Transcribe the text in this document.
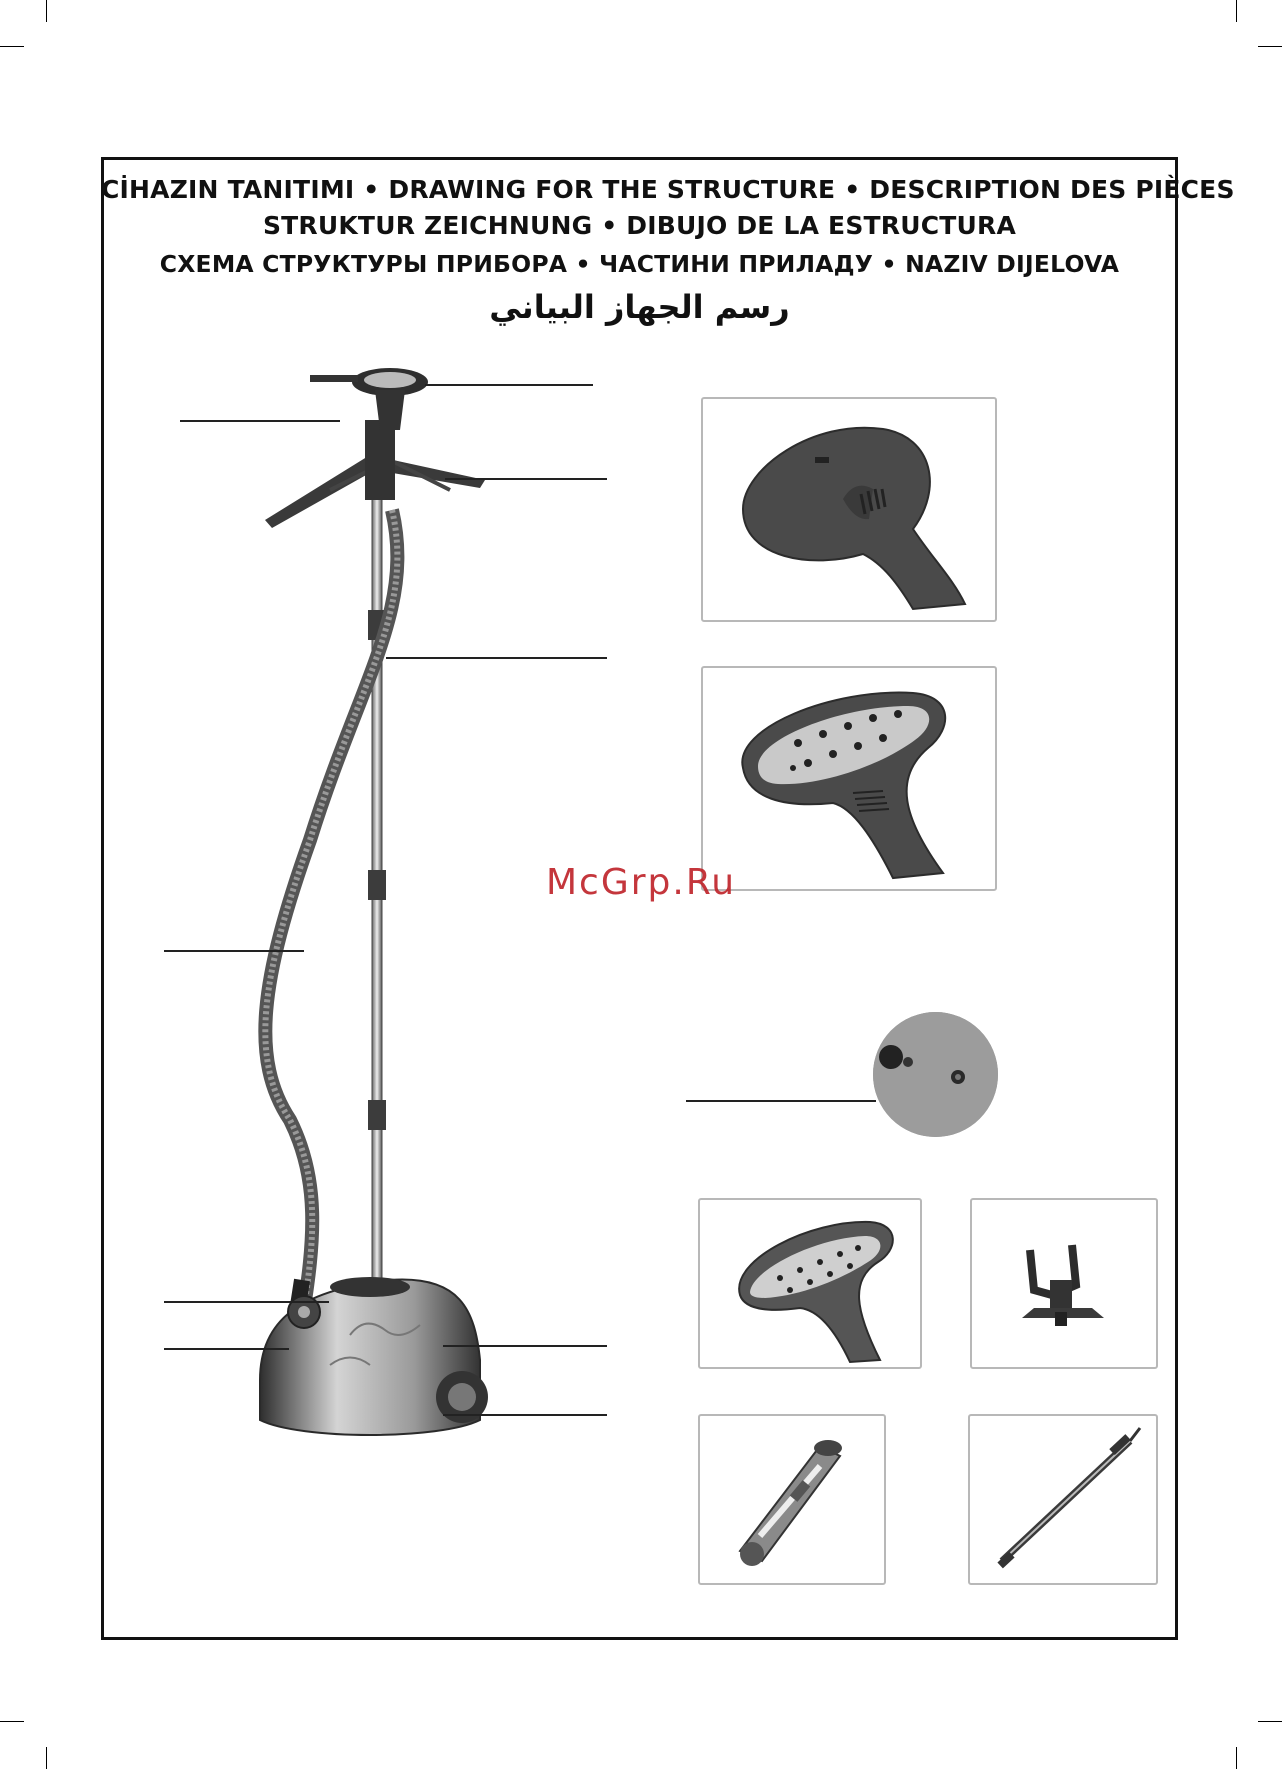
CİHAZIN TANITIMI • DRAWING FOR THE STRUCTURE • DESCRIPTION DES PIÈCES
STRUKTUR ZEICHNUNG • DIBUJO DE LA ESTRUCTURA
СХЕМА СТРУКТУРЫ ПРИБОРА • ЧАСТИНИ ПРИЛАДУ • NAZIV DIJELOVA
رسم الجهاز البياني
McGrp.Ru
